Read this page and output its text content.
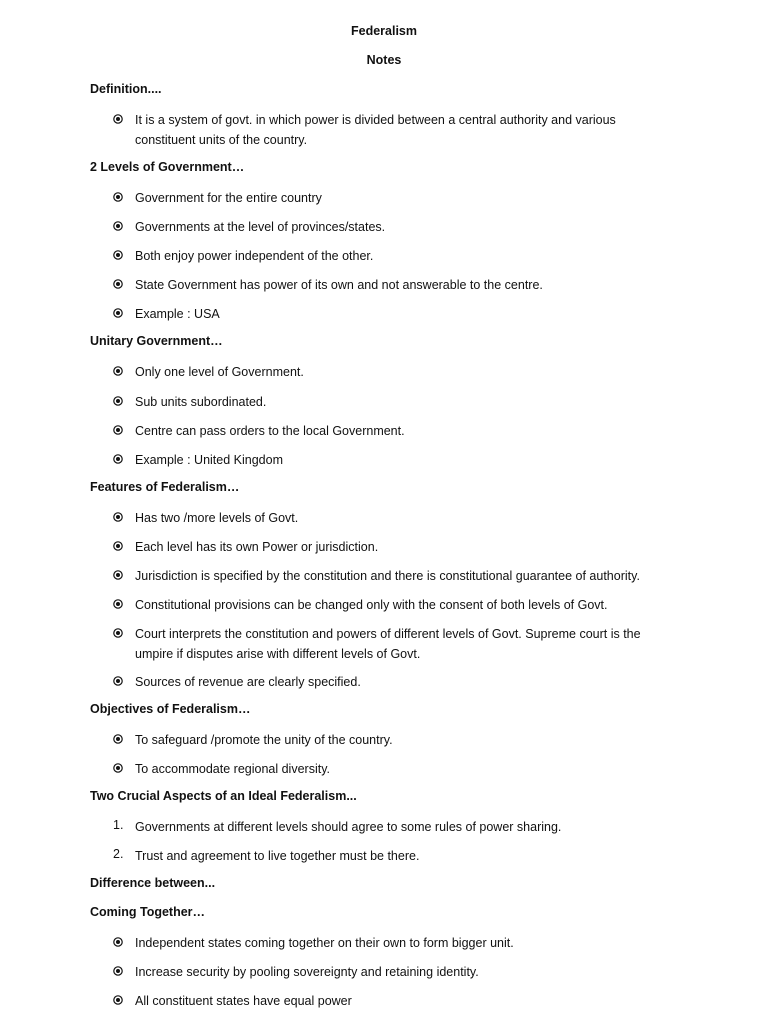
Federalism
Notes
Definition....
It is a system of govt. in which power is divided between a central authority and various constituent units of the country.
2 Levels of Government…
Government for the entire country
Governments at the level of provinces/states.
Both enjoy power independent of the other.
State Government has power of its own and not answerable to the centre.
Example : USA
Unitary Government…
Only one level of Government.
Sub units subordinated.
Centre can pass orders to the local Government.
Example : United Kingdom
Features of Federalism…
Has two /more levels of Govt.
Each level has its own Power or jurisdiction.
Jurisdiction is specified by the constitution and there is constitutional guarantee of authority.
Constitutional provisions can be changed only with the consent of both levels of Govt.
Court interprets the constitution and powers of different levels of Govt. Supreme court is the umpire if disputes arise with different levels of Govt.
Sources of revenue are clearly specified.
Objectives of Federalism…
To safeguard /promote the unity of the country.
To accommodate regional diversity.
Two Crucial Aspects of an Ideal Federalism...
1. Governments at different levels should agree to some rules of power sharing.
2. Trust and agreement to live together must be there.
Difference between...
Coming Together…
Independent states coming together on their own to form bigger unit.
Increase security by pooling sovereignty and retaining identity.
All constituent states have equal power
